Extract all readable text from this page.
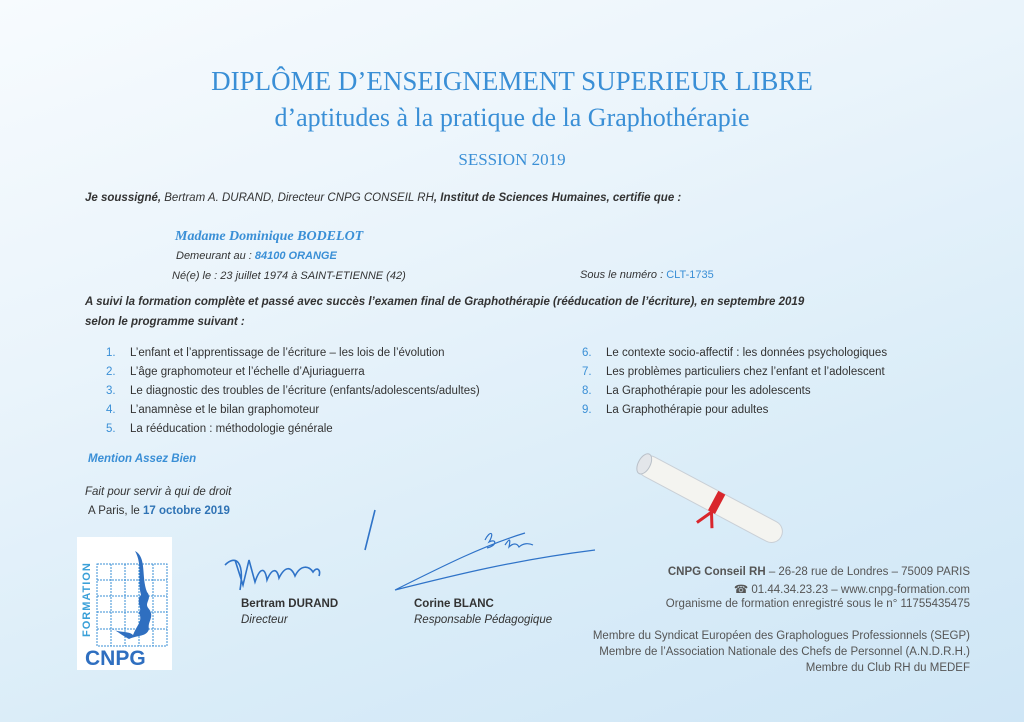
DIPLÔME D’ENSEIGNEMENT SUPERIEUR LIBRE
d’aptitudes à la pratique de la Graphothérapie
SESSION 2019
Je soussigné, Bertram A. DURAND, Directeur CNPG CONSEIL RH, Institut de Sciences Humaines, certifie que :
Madame Dominique BODELOT
Demeurant au : 84100 ORANGE
Né(e) le : 23 juillet 1974 à SAINT-ETIENNE (42)	Sous le numéro : CLT-1735
A suivi la formation complète et passé avec succès l’examen final de Graphothérapie (rééducation de l’écriture), en septembre 2019
selon le programme suivant :
1. L’enfant et l’apprentissage de l’écriture – les lois de l’évolution
2. L’âge graphomoteur et l’échelle d’Ajuriaguerra
3. Le diagnostic des troubles de l’écriture (enfants/adolescents/adultes)
4. L’anamnèse et le bilan graphomoteur
5. La rééducation : méthodologie générale
6. Le contexte socio-affectif : les données psychologiques
7. Les problèmes particuliers chez l’enfant et l’adolescent
8. La Graphothérapie pour les adolescents
9. La Graphothérapie pour adultes
Mention Assez Bien
Fait pour servir à qui de droit
A Paris, le 17 octobre 2019
FORMATION
CNPG
Bertram DURAND
Directeur
Corine BLANC
Responsable Pédagogique
CNPG Conseil RH – 26-28 rue de Londres – 75009 PARIS
☎ 01.44.34.23.23 – www.cnpg-formation.com
Organisme de formation enregistré sous le n° 11755435475
Membre du Syndicat Européen des Graphologues Professionnels (SEGP)
Membre de l’Association Nationale des Chefs de Personnel (A.N.D.R.H.)
Membre du Club RH du MEDEF
